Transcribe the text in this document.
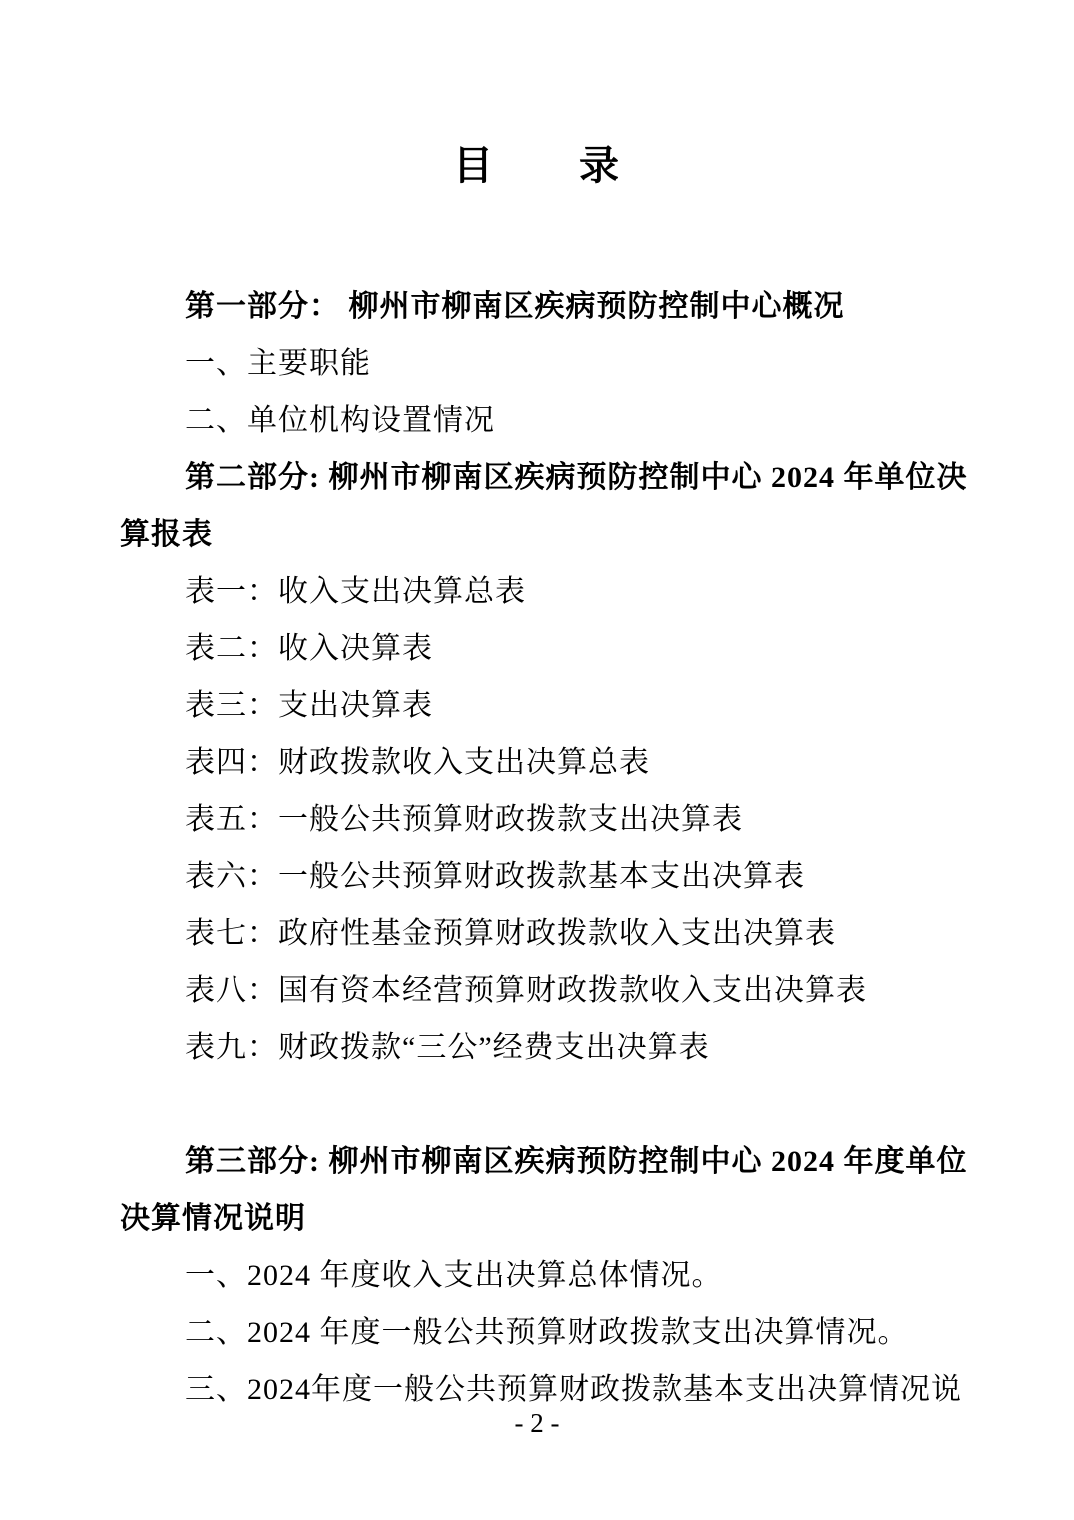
目　　录
第一部分： 柳州市柳南区疾病预防控制中心概况
一、主要职能
二、单位机构设置情况
第二部分: 柳州市柳南区疾病预防控制中心 2024 年单位决
算报表
表一：收入支出决算总表
表二：收入决算表
表三：支出决算表
表四：财政拨款收入支出决算总表
表五：一般公共预算财政拨款支出决算表
表六：一般公共预算财政拨款基本支出决算表
表七：政府性基金预算财政拨款收入支出决算表
表八：国有资本经营预算财政拨款收入支出决算表
表九：财政拨款“三公”经费支出决算表
第三部分: 柳州市柳南区疾病预防控制中心 2024 年度单位
决算情况说明
一、2024 年度收入支出决算总体情况。
二、2024 年度一般公共预算财政拨款支出决算情况。
三、2024年度一般公共预算财政拨款基本支出决算情况说
- 2 -
